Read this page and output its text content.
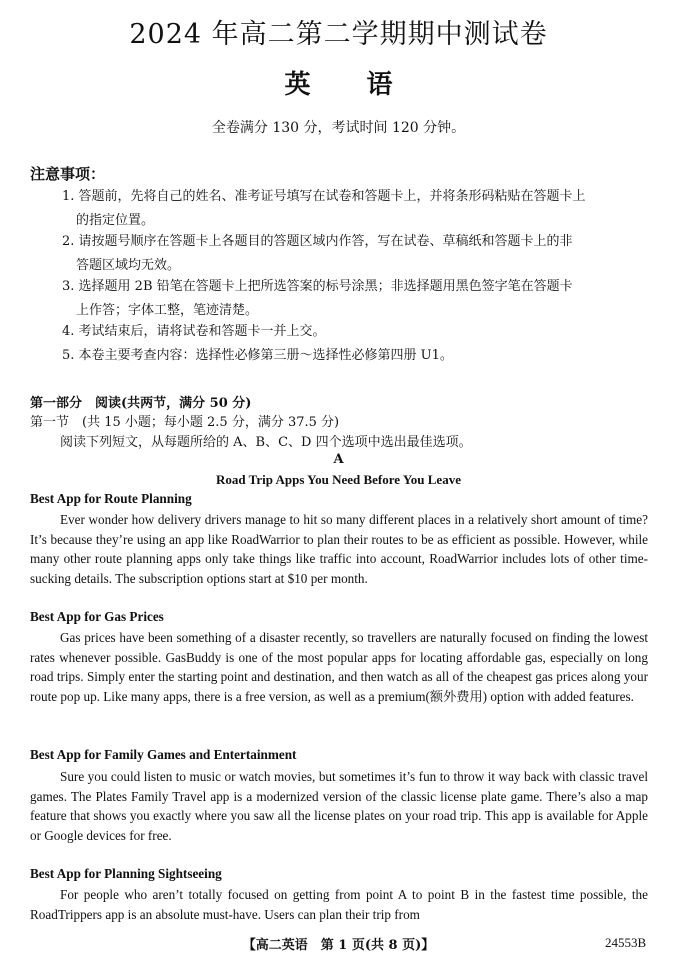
2024 年高二第二学期期中测试卷
英 语
全卷满分 130 分，考试时间 120 分钟。
注意事项：
1. 答题前，先将自己的姓名、准考证号填写在试卷和答题卡上，并将条形码粘贴在答题卡上
的指定位置。
2. 请按题号顺序在答题卡上各题目的答题区域内作答，写在试卷、草稿纸和答题卡上的非
答题区域均无效。
3. 选择题用 2B 铅笔在答题卡上把所选答案的标号涂黑；非选择题用黑色签字笔在答题卡
上作答；字体工整，笔迹清楚。
4. 考试结束后，请将试卷和答题卡一并上交。
5. 本卷主要考查内容：选择性必修第三册～选择性必修第四册 U1。
第一部分　阅读(共两节，满分 50 分)
第一节　(共 15 小题；每小题 2.5 分，满分 37.5 分)
阅读下列短文，从每题所给的 A、B、C、D 四个选项中选出最佳选项。
A
Road Trip Apps You Need Before You Leave
Best App for Route Planning
Ever wonder how delivery drivers manage to hit so many different places in a relatively short amount of time? It’s because they’re using an app like RoadWarrior to plan their routes to be as efficient as possible. However, while many other route planning apps only take things like traffic into account, RoadWarrior includes lots of other time-sucking details. The subscription options start at $10 per month.
Best App for Gas Prices
Gas prices have been something of a disaster recently, so travellers are naturally focused on finding the lowest rates whenever possible. GasBuddy is one of the most popular apps for locating affordable gas, especially on long road trips. Simply enter the starting point and destination, and then watch as all of the cheapest gas prices along your route pop up. Like many apps, there is a free version, as well as a premium(额外费用) option with added features.
Best App for Family Games and Entertainment
Sure you could listen to music or watch movies, but sometimes it’s fun to throw it way back with classic travel games. The Plates Family Travel app is a modernized version of the classic license plate game. There’s also a map feature that shows you exactly where you saw all the license plates on your road trip. This app is available for Apple or Google devices for free.
Best App for Planning Sightseeing
For people who aren’t totally focused on getting from point A to point B in the fastest time possible, the RoadTrippers app is an absolute must-have. Users can plan their trip from
【高二英语　第 1 页(共 8 页)】	24553B
